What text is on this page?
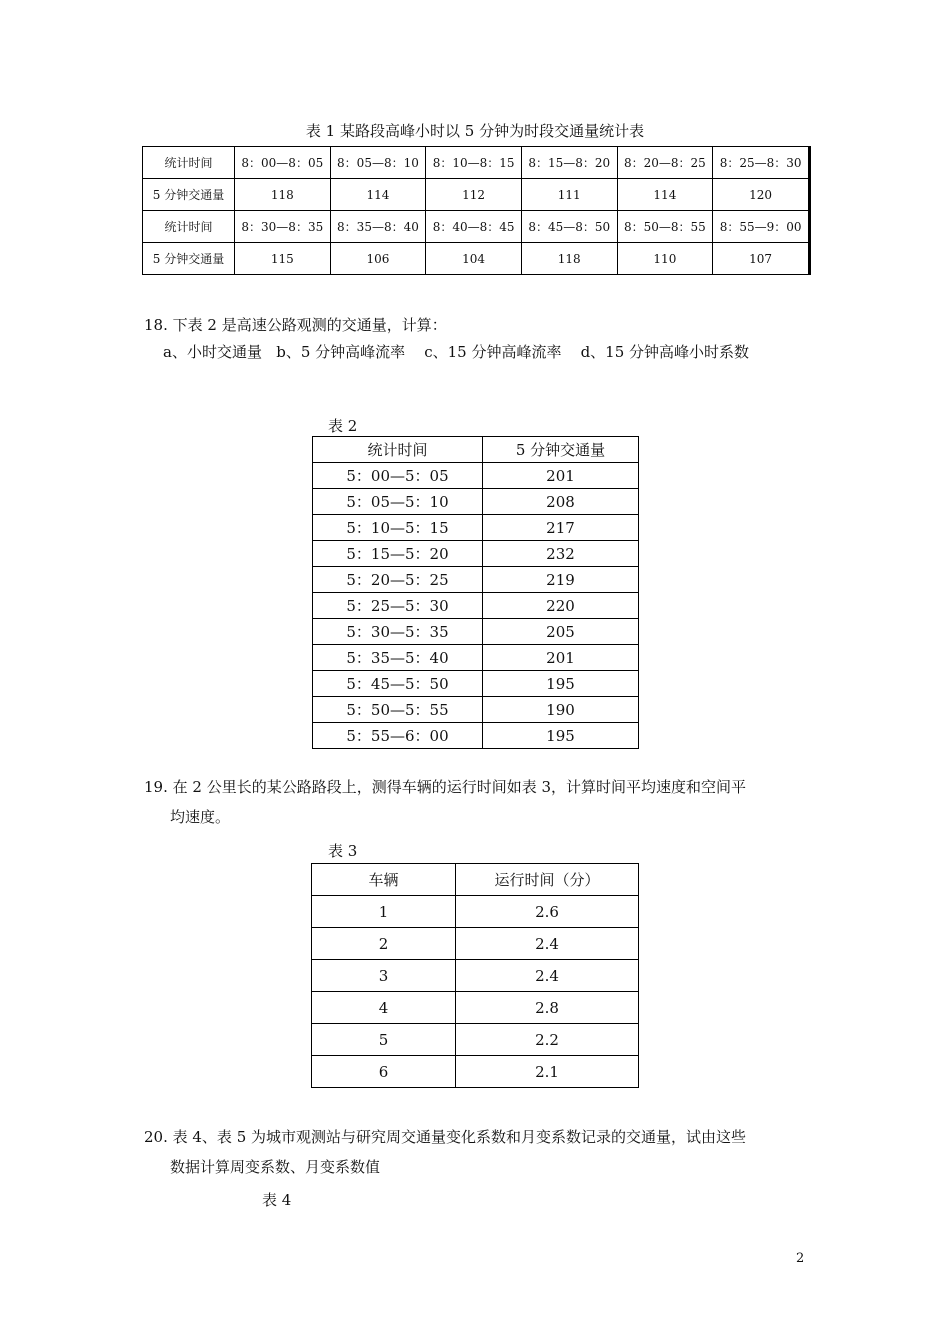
表 1 某路段高峰小时以 5 分钟为时段交通量统计表
统计时间	8：00—8：05	8：05—8：10	8：10—8：15	8：15—8：20	8：20—8：25	8：25—8：30
5 分钟交通量	118	114	112	111	114	120
统计时间	8：30—8：35	8：35—8：40	8：40—8：45	8：45—8：50	8：50—8：55	8：55—9：00
5 分钟交通量	115	106	104	118	110	107
18. 下表 2 是高速公路观测的交通量，计算：
a、小时交通量   b、5 分钟高峰流率    c、15 分钟高峰流率    d、15 分钟高峰小时系数
表 2
统计时间	5 分钟交通量
5：00—5：05	201
5：05—5：10	208
5：10—5：15	217
5：15—5：20	232
5：20—5：25	219
5：25—5：30	220
5：30—5：35	205
5：35—5：40	201
5：45—5：50	195
5：50—5：55	190
5：55—6：00	195
19. 在 2 公里长的某公路路段上，测得车辆的运行时间如表 3，计算时间平均速度和空间平
均速度。
表 3
车辆	运行时间（分）
1	2.6
2	2.4
3	2.4
4	2.8
5	2.2
6	2.1
20. 表 4、表 5 为城市观测站与研究周交通量变化系数和月变系数记录的交通量，试由这些
数据计算周变系数、月变系数值
表 4
2
